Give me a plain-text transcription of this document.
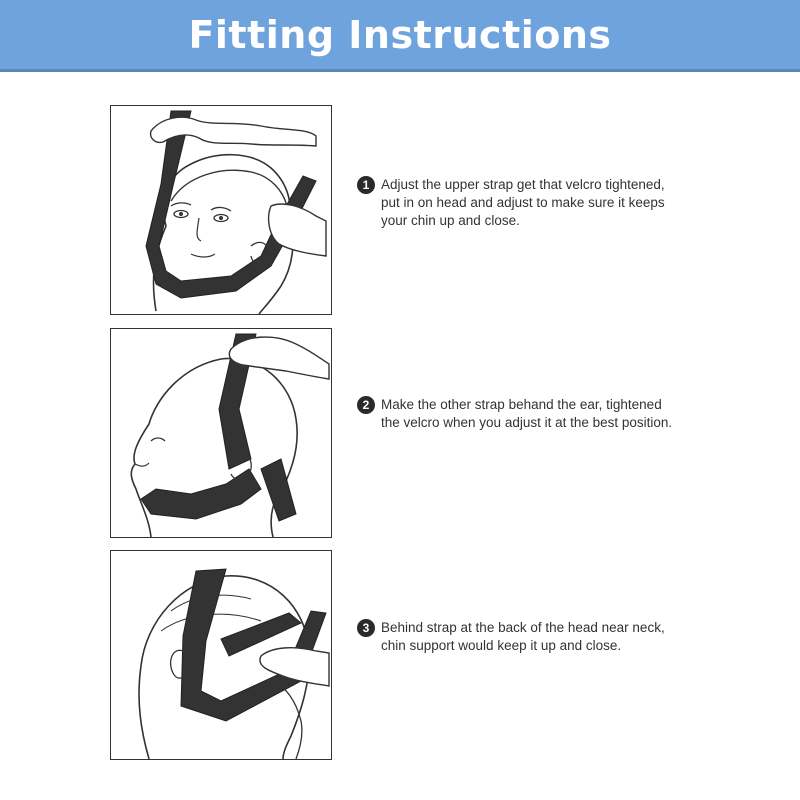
Fitting Instructions
1 Adjust the upper strap get that velcro tightened,
put in on head and adjust to make sure it keeps
your chin up and close.
2 Make the other strap behand the ear, tightened
the velcro when you adjust it at the best position.
3 Behind strap at the back of the head near neck,
chin support would keep it up and close.
